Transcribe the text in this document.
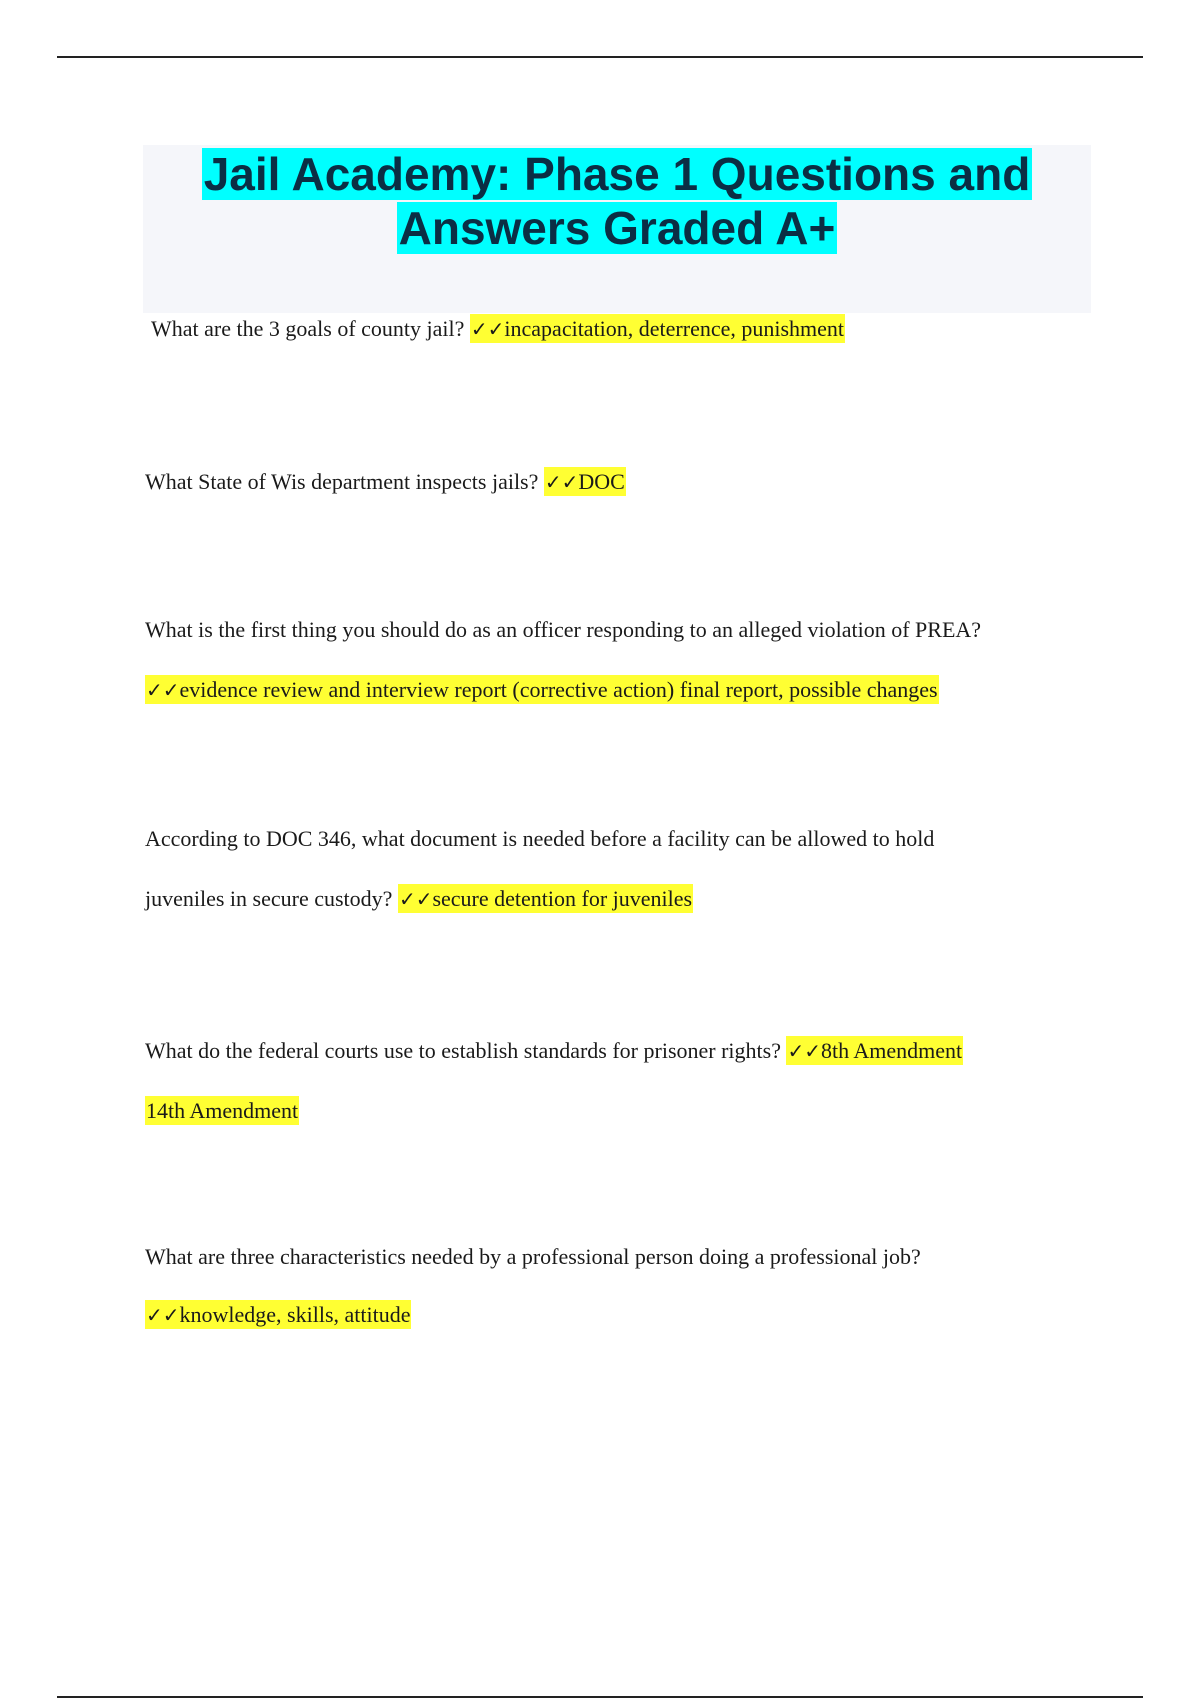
Jail Academy: Phase 1 Questions and
Answers Graded A+

What are the 3 goals of county jail? ✓✓incapacitation, deterrence, punishment

What State of Wis department inspects jails? ✓✓DOC

What is the first thing you should do as an officer responding to an alleged violation of PREA?

✓✓evidence review and interview report (corrective action) final report, possible changes

According to DOC 346, what document is needed before a facility can be allowed to hold

juveniles in secure custody? ✓✓secure detention for juveniles

What do the federal courts use to establish standards for prisoner rights? ✓✓8th Amendment

14th Amendment

What are three characteristics needed by a professional person doing a professional job?

✓✓knowledge, skills, attitude
